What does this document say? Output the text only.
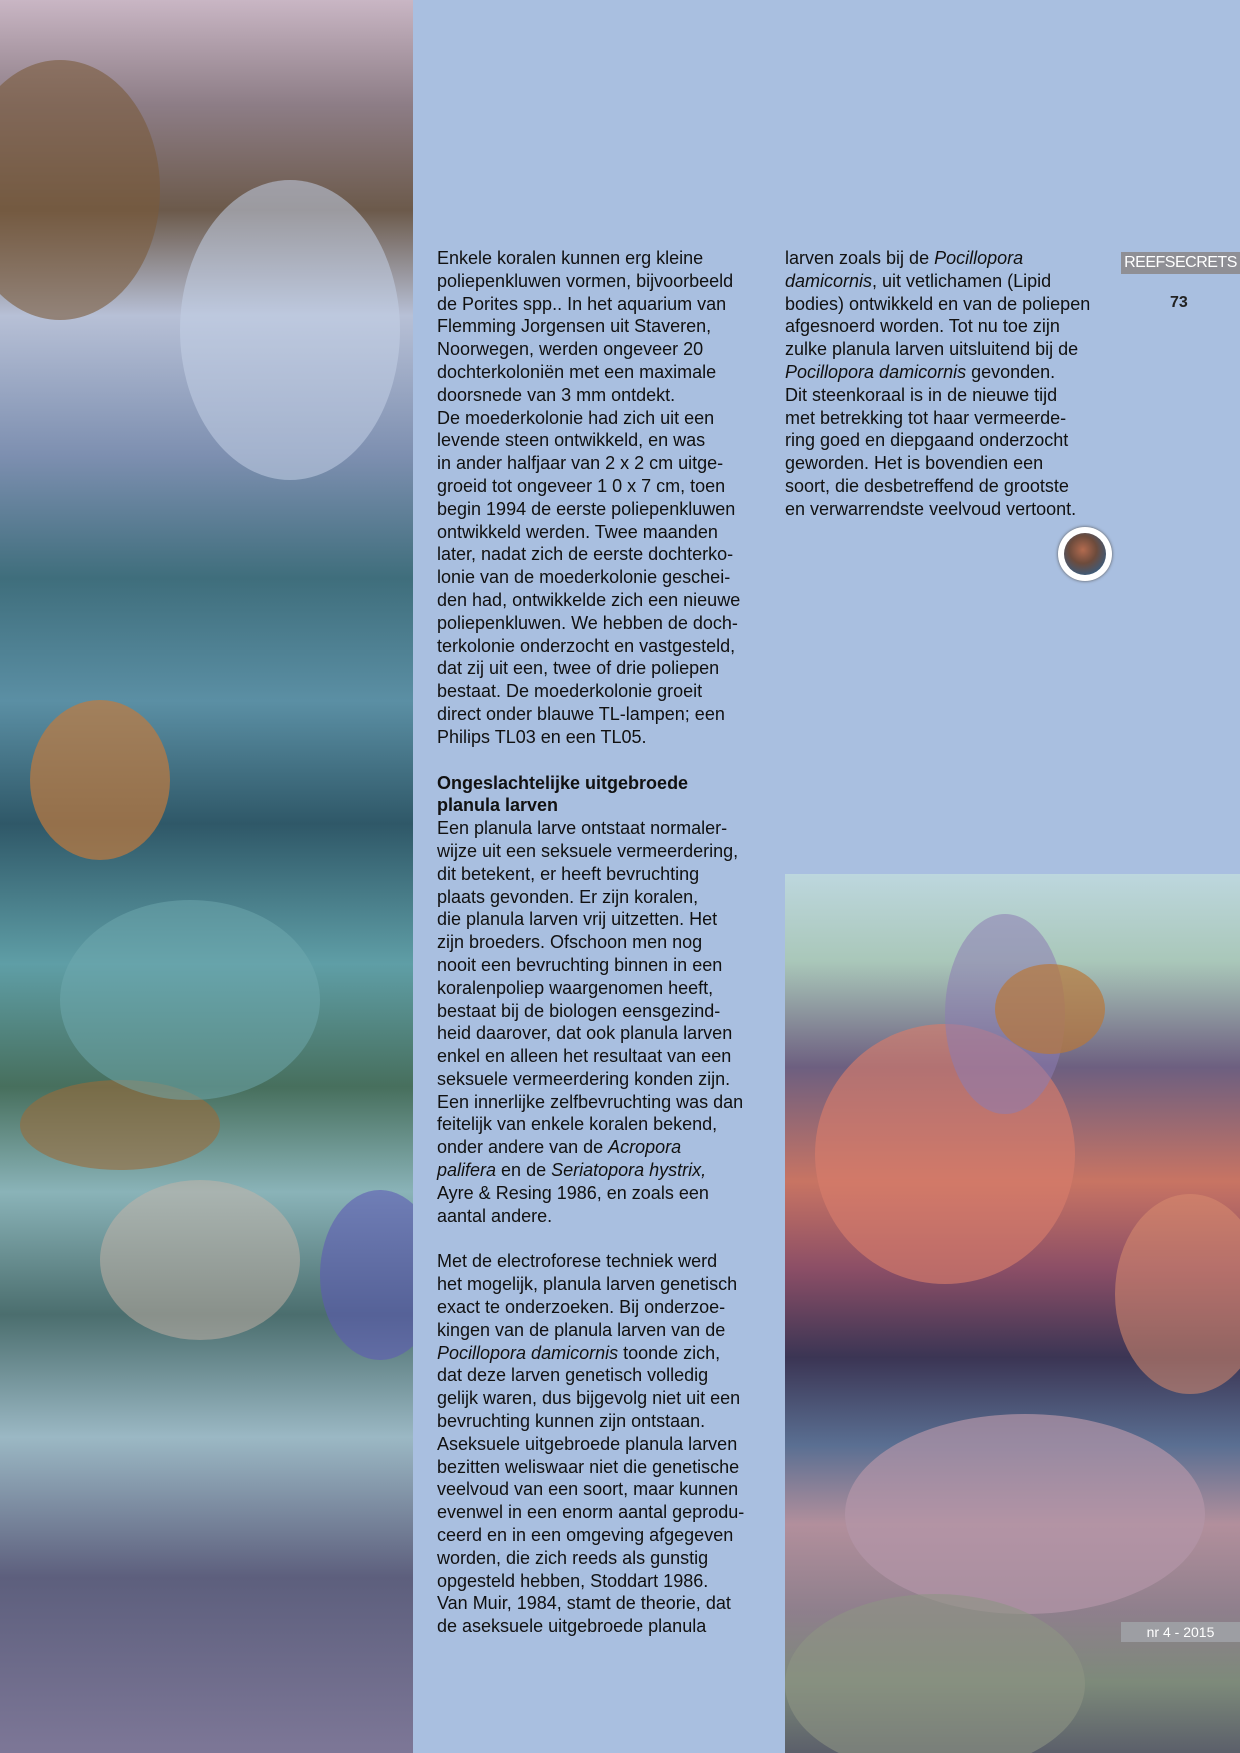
REEFSECRETS
73
nr 4 - 2015

Enkele koralen kunnen erg kleine
poliepenkluwen vormen, bijvoorbeeld
de Porites spp.. In het aquarium van
Flemming Jorgensen uit Staveren,
Noorwegen, werden ongeveer 20
dochterkoloniën met een maximale
doorsnede van 3 mm ontdekt.
De moederkolonie had zich uit een
levende steen ontwikkeld, en was
in ander halfjaar van 2 x 2 cm uitge-
groeid tot ongeveer 1 0 x 7 cm, toen
begin 1994 de eerste poliepenkluwen
ontwikkeld werden. Twee maanden
later, nadat zich de eerste dochterko-
lonie van de moederkolonie geschei-
den had, ontwikkelde zich een nieuwe
poliepenkluwen. We hebben de doch-
terkolonie onderzocht en vastgesteld,
dat zij uit een, twee of drie poliepen
bestaat. De moederkolonie groeit
direct onder blauwe TL-lampen; een
Philips TL03 en een TL05.

Ongeslachtelijke uitgebroede
planula larven

Een planula larve ontstaat normaler-
wijze uit een seksuele vermeerdering,
dit betekent, er heeft bevruchting
plaats gevonden. Er zijn koralen,
die planula larven vrij uitzetten. Het
zijn broeders. Ofschoon men nog
nooit een bevruchting binnen in een
koralenpoliep waargenomen heeft,
bestaat bij de biologen eensgezind-
heid daarover, dat ook planula larven
enkel en alleen het resultaat van een
seksuele vermeerdering konden zijn.
Een innerlijke zelfbevruchting was dan
feitelijk van enkele koralen bekend,
onder andere van de Acropora
palifera en de Seriatopora hystrix,
Ayre & Resing 1986, en zoals een
aantal andere.

Met de electroforese techniek werd
het mogelijk, planula larven genetisch
exact te onderzoeken. Bij onderzoe-
kingen van de planula larven van de
Pocillopora damicornis toonde zich,
dat deze larven genetisch volledig
gelijk waren, dus bijgevolg niet uit een
bevruchting kunnen zijn ontstaan.
Aseksuele uitgebroede planula larven
bezitten weliswaar niet die genetische
veelvoud van een soort, maar kunnen
evenwel in een enorm aantal geprodu-
ceerd en in een omgeving afgegeven
worden, die zich reeds als gunstig
opgesteld hebben, Stoddart 1986.
Van Muir, 1984, stamt de theorie, dat
de aseksuele uitgebroede planula

larven zoals bij de Pocillopora
damicornis, uit vetlichamen (Lipid
bodies) ontwikkeld en van de poliepen
afgesnoerd worden. Tot nu toe zijn
zulke planula larven uitsluitend bij de
Pocillopora damicornis gevonden.
Dit steenkoraal is in de nieuwe tijd
met betrekking tot haar vermeerde-
ring goed en diepgaand onderzocht
geworden. Het is bovendien een
soort, die desbetreffend de grootste
en verwarrendste veelvoud vertoont.
